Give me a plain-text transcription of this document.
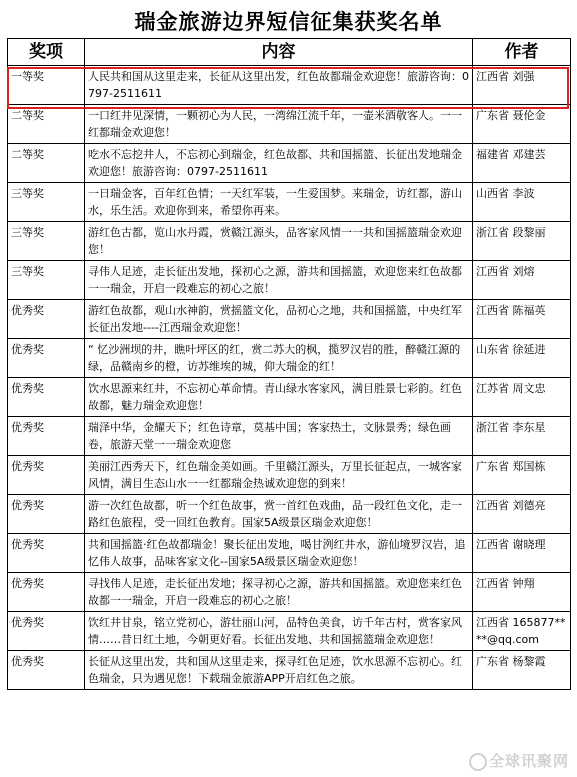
瑞金旅游边界短信征集获奖名单
奖项	内容	作者
一等奖	人民共和国从这里走来，长征从这里出发，红色故都瑞金欢迎您！旅游咨询：0797-2511611	江西省 刘强
二等奖	一口红井见深情，一颗初心为人民，一湾绵江流千年，一壶米酒敬客人。一一红都瑞金欢迎您！	广东省 聂伦金
二等奖	吃水不忘挖井人，不忘初心到瑞金，红色故都、共和国摇篮、长征出发地瑞金欢迎您！旅游咨询：0797-2511611	福建省 邓建芸
三等奖	一日瑞金客，百年红色情；一天红军装，一生爱国梦。来瑞金，访红都，游山水，乐生活。欢迎你到来，希望你再来。	山西省 李波
三等奖	游红色古都，览山水丹霞，赏赣江源头，品客家风情一一共和国摇篮瑞金欢迎您！	浙江省 段黎丽
三等奖	寻伟人足迹，走长征出发地，探初心之源，游共和国摇篮，欢迎您来红色故都一一瑞金，开启一段难忘的初心之旅！	江西省 刘熔
优秀奖	游红色故都，观山水神韵，赏摇篮文化，品初心之地，共和国摇篮，中央红军长征出发地----江西瑞金欢迎您！	江西省 陈福英
优秀奖	“ 忆沙洲坝的井，瞧叶坪区的红，赏二苏大的枫，揽罗汉岩的胜，醉赣江源的绿，品赣南乡的橙，访苏维埃的城，仰大瑞金的红！	山东省 徐延进
优秀奖	饮水思源来红井，不忘初心革命情。青山绿水客家风，满目胜景七彩韵。红色故都，魅力瑞金欢迎您！	江苏省 周文忠
优秀奖	瑞泽中华，金耀天下；红色诗章，莫基中国；客家热土，文脉景秀；绿色画卷，旅游天堂一一瑞金欢迎您	浙江省 李东星
优秀奖	美丽江西秀天下，红色瑞金美如画。千里赣江源头，万里长征起点，一城客家风情，满目生态山水一一红都瑞金热诚欢迎您的到来！	广东省 郑国栋
优秀奖	游一次红色故都，听一个红色故事，赏一首红色戏曲，品一段红色文化，走一路红色旅程，受一回红色教育。国家5A级景区瑞金欢迎您！	江西省 刘德亮
优秀奖	共和国摇篮·红色故都瑞金！聚长征出发地，喝甘洌红井水，游仙境罗汉岩，追忆伟人故事，品味客家文化--国家5A级景区瑞金欢迎您！	江西省 谢晓理
优秀奖	寻找伟人足迹，走长征出发地；探寻初心之源，游共和国摇篮。欢迎您来红色故都一一瑞金，开启一段难忘的初心之旅！	江西省 钟翔
优秀奖	饮红井甘泉，铭立党初心，游壮丽山河，品特色美食，访千年古村，赏客家风情……昔日红土地，今朝更好看。长征出发地、共和国摇篮瑞金欢迎您！	江西省 165877****@qq.com
优秀奖	长征从这里出发，共和国从这里走来，探寻红色足迹，饮水思源不忘初心。红色瑞金，只为遇见您！下载瑞金旅游APP开启红色之旅。	广东省 杨黎霞
全球讯聚网
